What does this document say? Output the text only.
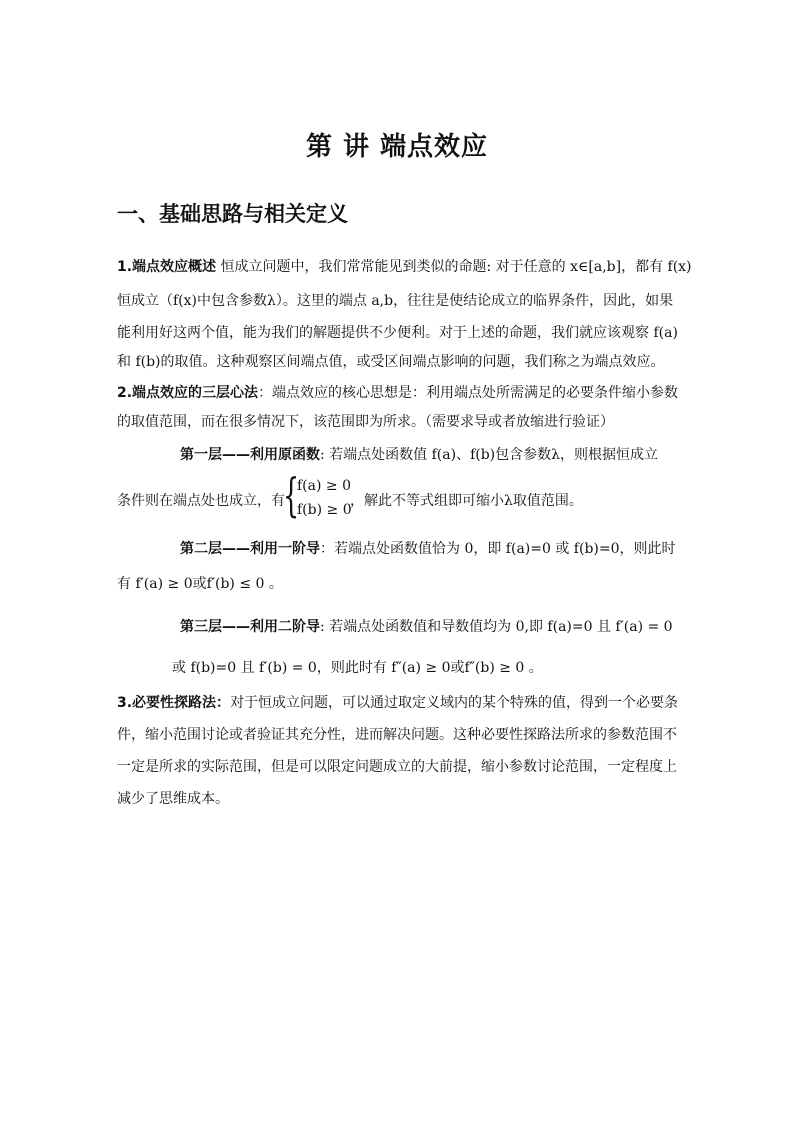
第 讲 端点效应
一、基础思路与相关定义
1.端点效应概述 恒成立问题中，我们常常能见到类似的命题: 对于任意的 x∈[a,b]，都有 f(x)
恒成立（f(x)中包含参数λ）。这里的端点 a,b，往往是使结论成立的临界条件，因此，如果
能利用好这两个值，能为我们的解题提供不少便利。对于上述的命题，我们就应该观察 f(a)
和 f(b)的取值。这种观察区间端点值，或受区间端点影响的问题，我们称之为端点效应。
2.端点效应的三层心法：端点效应的核心思想是：利用端点处所需满足的必要条件缩小参数
的取值范围，而在很多情况下，该范围即为所求。（需要求导或者放缩进行验证）
第一层——利用原函数: 若端点处函数值 f(a)、f(b)包含参数λ，则根据恒成立
条件则在端点处也成立，有
{
f(a) ≥ 0
f(b) ≥ 0
，解此不等式组即可缩小λ取值范围。
第二层——利用一阶导：若端点处函数值恰为 0，即 f(a)=0 或 f(b)=0，则此时
有 f′(a) ≥ 0或f′(b) ≤ 0 。
第三层——利用二阶导: 若端点处函数值和导数值均为 0,即 f(a)=0 且 f′(a) = 0
或 f(b)=0 且 f′(b) = 0，则此时有 f″(a) ≥ 0或f″(b) ≥ 0 。
3.必要性探路法：对于恒成立问题，可以通过取定义域内的某个特殊的值，得到一个必要条
件，缩小范围讨论或者验证其充分性，进而解决问题。这种必要性探路法所求的参数范围不
一定是所求的实际范围，但是可以限定问题成立的大前提，缩小参数讨论范围，一定程度上
减少了思维成本。
